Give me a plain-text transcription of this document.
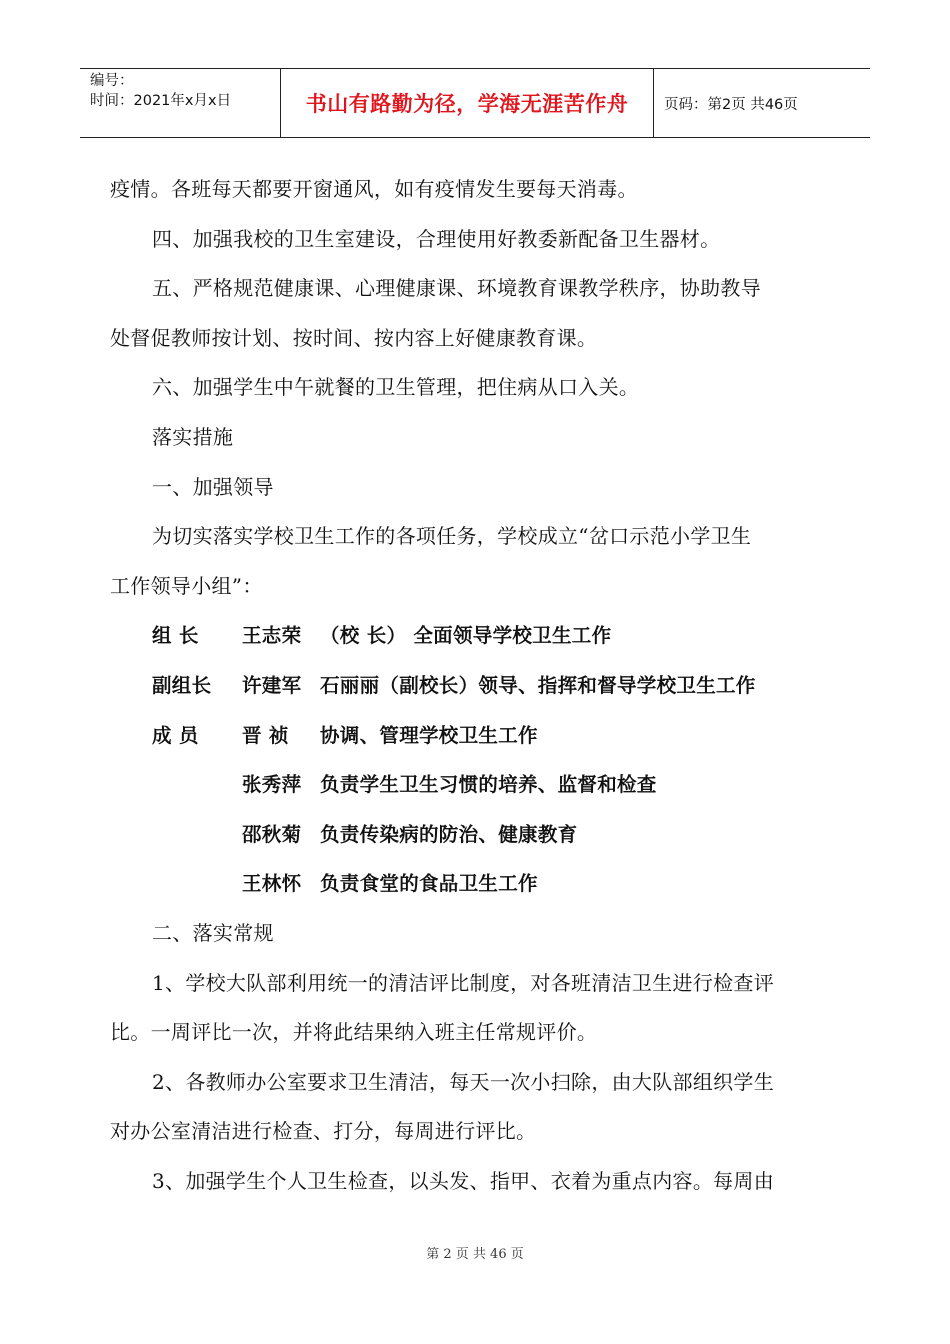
编号：
时间：2021年x月x日	书山有路勤为径，学海无涯苦作舟 页码：第2页 共46页

疫情。各班每天都要开窗通风，如有疫情发生要每天消毒。

四、加强我校的卫生室建设，合理使用好教委新配备卫生器材。

五、严格规范健康课、心理健康课、环境教育课教学秩序，协助教导

处督促教师按计划、按时间、按内容上好健康教育课。

六、加强学生中午就餐的卫生管理，把住病从口入关。

落实措施

一、加强领导

为切实落实学校卫生工作的各项任务，学校成立“岔口示范小学卫生

工作领导小组”：

组 长 王志荣 （校 长） 全面领导学校卫生工作

副组长 许建军 石丽丽（副校长）领导、指挥和督导学校卫生工作

成 员 晋 祯 协调、管理学校卫生工作

张秀萍 负责学生卫生习惯的培养、监督和检查

邵秋菊 负责传染病的防治、健康教育

王林怀 负责食堂的食品卫生工作

二、落实常规

1、学校大队部利用统一的清洁评比制度，对各班清洁卫生进行检查评

比。一周评比一次，并将此结果纳入班主任常规评价。

2、各教师办公室要求卫生清洁，每天一次小扫除，由大队部组织学生

对办公室清洁进行检查、打分，每周进行评比。

3、加强学生个人卫生检查，以头发、指甲、衣着为重点内容。每周由

第 2 页 共 46 页
